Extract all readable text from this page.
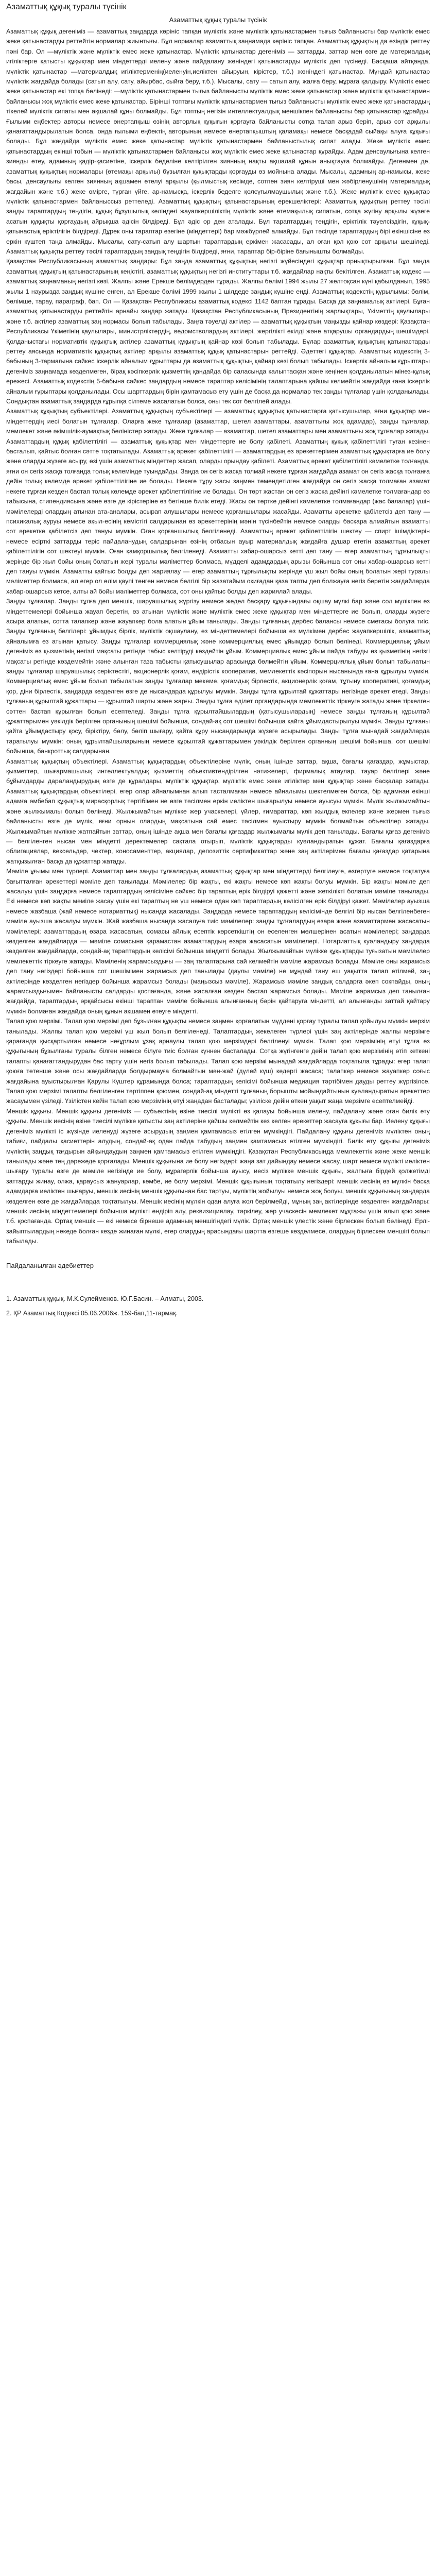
Азаматтық құқық туралы түсінік
Азаматтық құқық туралы түсінік

Азаматтық құқық дегеніміз — азаматтық заңдарда көрініс тапқан мүліктік және мүліктік қатынастармен тығыз байланысты бар мүліктік емес жеке қатынастарды реттейтін нормалар жиынтығы. Бұл нормалар азаматтық заңнамада көрініс тапқан. Азаматтық құқықтың да өзіндік реттеу пәні бар. Ол —мүліктік және мүліктік емес жеке қатынастар. Мүліктік қатынастар дегеніміз — заттарды, заттар мен өзге де материалдық игіліктерге қатысты құқықтар мен міндеттерді иелену және пайдалану жөніндегі қатынастарды мүліктік деп түсінеді. Басқаша айтқанда, мүліктік қатынастар —материалдық игіліктерменің(иеленуін,иеліктен айыруын, кірістер, т.б.) жөніндегі қатынастар. Мұндай қатынастар мүліктік жағдайда болады (сатып алу, сату, айырбас, сыйға беру, т.б.). Мысалы, сату — сатып алу, жалға беру, мұраға қалдыру. Мүліктік емес жеке қатынастар екі топқа бөлінеді: —мүліктік қатынастармен тығыз байланысты мүліктік емес жеке қатынастар және мүліктік қатынастармен байланысы жоқ мүліктік емес жеке қатынастар. Бірінші топтағы мүліктік қатынастармен тығыз байланысты мүліктік емес жеке қатынастардың тікелей мүліктік сипаты мен ақшалай құны болмайды. Бұл топтың негізін интеллектуалдық меншікпен байланысты бар қатынастар құрайды. Ғылыми еңбектер авторы немесе өнертапқыш өзінің авторлық құқығын қорғауға байланысты сотқа талап арыз беріп, арыз сот арқылы қанағаттандырылатын болса, онда ғылыми еңбектің авторының немесе өнертапқыштың қаламақы немесе басқадай сыйақы алуға құқығы болады. Бұл жағдайда мүліктік емес жеке қатынастар мүліктік қатынастармен байланыстылық сипат алады. Жеке мүліктік емес қатынастардың екінші тобын — мүліктік қатынастармен байланысы жоқ мүліктік емес жеке қатынастар құрайды. Адам денсаулығына келген зиянды өтеу, адамның қадір-қасиетіне, іскерлік беделіне келтірілген зиянның нақты ақшалай құнын анықтауға болмайды. Дегенмен де, азаматтық құқықтың нормалары (өтемақы арқылы) бұзылған құқықтарды қорғауды өз мойнына алады. Мысалы, адамның ар-намысы, жеке басы, денсаулығы келген зиянның ақшамен өтелуі арқылы (қылмыстық кесімде, сотпен зиян келтіруші мен жәбірленушінің материалдық жағдайын және т.б.) жеке өмірге, тұрған үйге, ар-намысқа, іскерлік беделге қолсұғылмаушылық және т.б.). Жеке мүліктік емес құқықтар мүліктік қатынастармен байланыссыз реттеледі. Азаматтық құқықтың қатынастарының ерекшеліктері: Азаматтық құқықтың реттеу тәсілі заңды тараптардың теңдігін, құқық бұзушылық келіндеғі жауапкершіліктің мүліктік және өтемақылық сипатын, сотқа жүгіну арқылы жүзеге асатын құқықты қорғаудың айрықша әдісін білдіреді. Бұл әдіс ор ден аталады. Бұл тараптардың теңдігін, еріктілік тәуелсіздігін, құқық-қатынастық еріктілігін білдіреді. Дұрек оны тараптар өзегіне (міндеттері) бар мәжбүрлей алмайды. Бұл тәсілде тараптардың бірі екіншісіне өз еркін күштеп таңа алмайды. Мысалы, сату-сатып алу шартын тараптардың еркімен жасасады, ал оған қол қою сот арқылы шешіледі. Азаматтық құқықты реттеу тәсілі тараптардың заңдық теңдігін білдіреді, яғни, тараптар бір-біріне бағынышты болмайды.

Қазақстан Республикасының азаматтық заңдары: Бұл заңда азаматтық құқықтың негізгі жүйесіндегі құқықтар орнықтырылған. Бұл заңда азаматтық құқықтың қатынастарының кеңістігі, азаматтық құқықтың негізгі институттары т.б. жағдайлар нақты бекітілген. Азаматтық кодекс — азаматтық заңнаманың негізгі көзі. Жалпы және Ерекше бөлімдерден тұрады. Жалпы бөлімі 1994 жылы 27 желтоқсан күні қабылданып, 1995 жылы 1 наурызда заңдық күшіне енген, ал Ерекше бөлімі 1999 жылы 1 шілдеде заңдық күшіне енді. Азаматтық кодекстің құрылымы: бөлім, бөлімше, тарау, параграф, бап. Ол — Қазақстан Республикасы азаматтық кодексі 1142 баптан тұрады. Басқа да заңнамалық актілері. Бұған азаматтық қатынастарды реттейтін арнайы заңдар жатады. Қазақстан Республикасының Президентінің жарлықтары, Үкіметтің қаулылары және т.б. актілер азаматтық заң нормасы болып табылады. Заңға тәуелді актілер — азаматтық құқықтың маңызды қайнар көздері: Қазақстан Республикасы Үкіметінің қаулылары, министрліктердің, ведомстволардың актілері, жергілікті өкілді және атқарушы органдардың шешімдері. Қолданыстағы нормативтік құқықтық актілер азаматтық құқықтың қайнар көзі болып табылады. Бұлар азаматтық құқықтың қатынастарды реттеу аясында нормативтік құқықтық актілер арқылы азаматтық құқық қатынастарын реттейді. Әдеттегі құқықтар. Азаматтық кодекстің 3-бабының 3-тармағына сәйкес іскерлік айналым ғұрыптары да азаматтық құқықтың қайнар көзі болып табылады. Іскерлік айналым ғұрыптары дегеніміз заңнамада көзделмеген, бірақ кәсіпкерлік қызметтің қандайда бір саласында қалыптасқан және кеңінен қолданылатын мінез-құлық ережесі. Азаматтық кодекстің 5-бабына сәйкес заңдардың немесе тараптар келісімінің талаптарына қайшы келмейтін жағдайда ғана іскерлік айналым ғұрыптары қолданылады. Осы шарттардың бірін қамтамасыз ету үшін де басқа да нормалар тек заңды тұлғалар үшін қолданылады. Сондықтан азаматтық заңдарда ғұрыпқа сілтеме жасалатын болса, оны тек сот белгілей алады.

Азаматтық құқықтың субъектілері. Азаматтық құқықтың субъектілері — азаматтық құқықтық қатынастарға қатысушылар, яғни құқықтар мен міндеттердің иесі болатын тұлғалар. Оларға жеке тұлғалар (азаматтар, шетел азаматтары, азаматтығы жоқ адамдар), заңды тұлғалар, мемлекет және әкімшілік-аумақтық бөліністер жатады. Жеке тұлғалар — азаматтар, шетел азаматтары мен азаматтығы жоқ тұлғалар жатады. Азаматтардың құқық қабілеттілігі — азаматтық құқықтар мен міндеттерге ие болу қабілеті. Азаматтың құқық қабілеттілігі туған кезінен басталып, қайтыс болған сәтте тоқтатылады. Азаматтық әрекет қабілеттілігі — азаматтардың өз әрекеттерімен азаматтық құқықтарға ие болу және оларды жүзеге асыру, өзі үшін азаматтық міндеттер жасап, оларды орындау қабілеті. Азаматтық әрекет қабілеттілігі кәмелетке толғанда, яғни он сегіз жасқа толғанда толық көлемінде туындайды. Заңда он сегіз жасқа толмай некеге тұрған жағдайда азамат он сегіз жасқа толғанға дейін толық көлемде әрекет қабілеттілігіне ие болады. Некеге тұру жасы заңмен төмендетілген жағдайда он сегіз жасқа толмаған азамат некеге тұрған кезден бастап толық көлемде әрекет қабілеттілігіне ие болады. Он төрт жастан он сегіз жасқа дейінгі кәмелетке толмағандар өз табысына, стипендиясына және өзге де кірістеріне өз бетінше билік етеді. Жасы он төртке дейінгі кәмелетке толмағандар (жас балалар) үшін мәмілелерді олардың атынан ата-аналары, асырап алушылары немесе қорғаншылары жасайды. Азаматты әрекетке қабілетсіз деп тану — психикалық ауруы немесе ақыл-есінің кемістігі салдарынан өз әрекеттерінің мәнін түсінбейтін немесе оларды басқара алмайтын азаматты сот әрекетке қабілетсіз деп тануы мүмкін. Оған қорғаншылық белгіленеді. Азаматтың әрекет қабілеттілігін шектеу — спирт ішімдіктерін немесе есірткі заттарды теріс пайдаланудың салдарынан өзінің отбасын ауыр материалдық жағдайға душар ететін азаматтың әрекет қабілеттілігін сот шектеуі мүмкін. Оған қамқоршылық белгіленеді. Азаматты хабар-ошарсыз кетті деп тану — егер азаматтың тұрғылықты жерінде бір жыл бойы оның болатын жері туралы мәліметтер болмаса, мүдделі адамдардың арызы бойынша сот оны хабар-ошарсыз кетті деп тануы мүмкін. Азаматты қайтыс болды деп жариялау — егер азаматтың тұрғылықты жерінде үш жыл бойы оның болатын жері туралы мәліметтер болмаса, ал егер ол өлім қаупі төнген немесе белгілі бір жазатайым оқиғадан қаза тапты деп болжауға негіз беретін жағдайларда хабар-ошарсыз кетсе, алты ай бойы мәліметтер болмаса, сот оны қайтыс болды деп жариялай алады.

Заңды тұлғалар. Заңды тұлға деп меншік, шаруашылық жүргізу немесе жедел басқару құқығындағы оқшау мүлкі бар және сол мүлікпен өз міндеттемелері бойынша жауап беретін, өз атынан мүліктік және мүліктік емес жеке құқықтар мен міндеттерге ие болып, оларды жүзеге асыра алатын, сотта талапкер және жауапкер бола алатын ұйым танылады. Заңды тұлғаның дербес балансы немесе сметасы болуға тиіс. Заңды тұлғаның белгілері: ұйымдық бірлік, мүліктік оқшаулану, өз міндеттемелері бойынша өз мүлкімен дербес жауапкершілік, азаматтық айналымға өз атынан қатысу. Заңды тұлғалар коммерциялық және коммерциялық емес ұйымдар болып бөлінеді. Коммерциялық ұйым дегеніміз өз қызметінің негізгі мақсаты ретінде табыс келтіруді көздейтін ұйым. Коммерциялық емес ұйым пайда табуды өз қызметінің негізгі мақсаты ретінде көздемейтін және алынған таза табысты қатысушылар арасында бөлмейтін ұйым. Коммерциялық ұйым болып табылатын заңды тұлғалар шаруашылық серіктестігі, акционерлік қоғам, өндірістік кооператив, мемлекеттік кәсіпорын нысанында ғана құрылуы мүмкін. Коммерциялық емес ұйым болып табылатын заңды тұлғалар мекеме, қоғамдық бірлестік, акционерлік қоғам, тұтыну кооперативі, қоғамдық қор, діни бірлестік, заңдарда көзделген өзге де нысандарда құрылуы мүмкін. Заңды тұлға құрылтай құжаттары негізінде әрекет етеді. Заңды тұлғаның құрылтай құжаттары — құрылтай шарты және жарғы. Заңды тұлға әділет органдарында мемлекеттік тіркеуге жатады және тіркелген сәттен бастап құрылған болып есептеледі. Заңды тұлға құрылтайшылардың (қатысушылардың) немесе заңды тұлғаның құрылтай құжаттарымен уәкілдік берілген органының шешімі бойынша, сондай-ақ сот шешімі бойынша қайта ұйымдастырылуы мүмкін. Заңды тұлғаны қайта ұйымдастыру қосу, біріктіру, бөлу, бөліп шығару, қайта құру нысандарында жүзеге асырылады. Заңды тұлға мынадай жағдайларда таратылуы мүмкін: оның құрылтайшыларының немесе құрылтай құжаттарымен уәкілдік берілген органның шешімі бойынша, сот шешімі бойынша, банкроттық салдарынан.

Азаматтық құқықтың объектілері. Азаматтық құқықтардың объектілеріне мүлік, оның ішінде заттар, ақша, бағалы қағаздар, жұмыстар, қызметтер, шығармашылық интеллектуалдық қызметтің обьективтендірілген нәтижелері, фирмалық атаулар, тауар белгілері және бұйымдарды дараландырудың өзге де құралдары, мүліктік құқықтар, мүліктік емес жеке игіліктер мен құқықтар және басқалар жатады. Азаматтық құқықтардың объектілері, егер олар айналымнан алып тасталмаған немесе айналымы шектелмеген болса, бір адамнан екінші адамға әмбебап құқықтық мирасқорлық тәртібімен не өзге тәсілмен еркін иеліктен шығарылуы немесе ауысуы мүмкін. Мүлік жылжымайтын және жылжымалы болып бөлінеді. Жылжымайтын мүлікке жер учаскелері, үйлер, ғимараттар, көп жылдық екпелер және жермен тығыз байланысты өзге де мүлік, яғни орнын олардың мақсатына сай емес тәсілмен ауыстыру мүмкін болмайтын объектілер жатады. Жылжымайтын мүлікке жатпайтын заттар, оның ішінде ақша мен бағалы қағаздар жылжымалы мүлік деп танылады. Бағалы қағаз дегеніміз — белгіленген нысан мен міндетті деректемелер сақтала отырып, мүліктік құқықтарды куәландыратын құжат. Бағалы қағаздарға облигациялар, вексельдер, чектер, коносаменттер, акциялар, депозиттік сертификаттар және заң актілерімен бағалы қағаздар қатарына жатқызылған басқа да құжаттар жатады.

Мәміле ұғымы мен түрлері. Азаматтар мен заңды тұлғалардың азаматтық құқықтар мен міндеттерді белгілеуге, өзгертуге немесе тоқтатуға бағытталған әрекеттері мәміле деп танылады. Мәмілелер бір жақты, екі жақты немесе көп жақты болуы мүмкін. Бір жақты мәміле деп жасалуы үшін заңдарға немесе тараптардың келісіміне сәйкес бір тараптың ерік білдіруі қажетті және жеткілікті болатын мәміле танылады. Екі немесе көп жақты мәміле жасау үшін екі тараптың не үш немесе одан көп тараптардың келісілген ерік білдіруі қажет. Мәмілелер ауызша немесе жазбаша (жай немесе нотариаттық) нысанда жасалады. Заңдарда немесе тараптардың келісімінде белгілі бір нысан белгіленбеген мәміле ауызша жасалуы мүмкін. Жай жазбаша нысанда жасалуға тиіс мәмілелер: заңды тұлғалардың өзара және азаматтармен жасасатын мәмілелері; азаматтардың өзара жасасатын, сомасы айлық есептік көрсеткіштің он еселенген мөлшерінен асатын мәмілелері; заңдарда көзделген жағдайларда — мәміле сомасына қарамастан азаматтардың өзара жасасатын мәмілелері. Нотариаттық куәландыру заңдарда көзделген жағдайларда, сондай-ақ тараптардың келісімі бойынша міндетті болады. Жылжымайтын мүлікке құқықтарды туғызатын мәмілелер мемлекеттік тіркеуге жатады. Мәміленің жарамсыздығы — заң талаптарына сай келмейтін мәміле жарамсыз болады. Мәміле оны жарамсыз деп тану негіздері бойынша сот шешімімен жарамсыз деп танылады (даулы мәміле) не мұндай тану еш уақытта талап етілмей, заң актілерінде көзделген негіздер бойынша жарамсыз болады (маңызсыз мәміле). Жарамсыз мәміле заңдық салдарға әкеп соқпайды, оның жарамсыздығымен байланысты салдарды қоспағанда, және жасалған кезден бастап жарамсыз болады. Мәміле жарамсыз деп танылған жағдайда, тараптардың әрқайсысы екінші тараптан мәміле бойынша алынғанның бәрін қайтаруға міндетті, ал алынғанды заттай қайтару мүмкін болмаған жағдайда оның құнын ақшамен өтеуге міндетті.

Талап қою мерзімі. Талап қою мерзімі деп бұзылған құқықты немесе заңмен қорғалатын мүддені қорғау туралы талап қойылуы мүмкін мерзім танылады. Жалпы талап қою мерзімі үш жыл болып белгіленеді. Талаптардың жекелеген түрлері үшін заң актілерінде жалпы мерзімге қарағанда қысқартылған немесе неғұрлым ұзақ арнаулы талап қою мерзімдері белгіленуі мүмкін. Талап қою мерзімінің өтуі тұлға өз құқығының бұзылғаны туралы білген немесе білуге тиіс болған күннен басталады. Сотқа жүгінгенге дейін талап қою мерзімінің өтіп кеткені талапты қанағаттандырудан бас тарту үшін негіз болып табылады. Талап қою мерзімі мынадай жағдайларда тоқтатыла тұрады: егер талап қоюға төтенше және осы жағдайларда болдырмауға болмайтын мән-жай (дүлей күш) кедергі жасаса; талапкер немесе жауапкер соғыс жағдайына ауыстырылған Қарулы Күштер құрамында болса; тараптардың келісімі бойынша медиация тәртібімен дауды реттеу жүргізілсе. Талап қою мерзімі талапты белгіленген тәртіппен қоюмен, сондай-ақ міндетті тұлғаның борышты мойындайтынын куәландыратын әрекеттер жасауымен үзіледі. Үзілістен кейін талап қою мерзімінің өтуі жаңадан басталады; үзіліске дейін өткен уақыт жаңа мерзімге есептелмейді.

Меншік құқығы. Меншік құқығы дегеніміз — субъектінің өзіне тиесілі мүлікті өз қалауы бойынша иелену, пайдалану және оған билік ету құқығы. Меншік иесінің өзіне тиесілі мүлікке қатысты заң актілеріне қайшы келмейтін кез келген әрекеттер жасауға құқығы бар. Иелену құқығы дегеніміз мүлікті іс жүзінде иеленуді жүзеге асырудың заңмен қамтамасыз етілген мүмкіндігі. Пайдалану құқығы дегеніміз мүліктен оның табиғи, пайдалы қасиеттерін алудың, сондай-ақ одан пайда табудың заңмен қамтамасыз етілген мүмкіндігі. Билік ету құқығы дегеніміз мүліктің заңдық тағдырын айқындаудың заңмен қамтамасыз етілген мүмкіндігі. Қазақстан Республикасында мемлекеттік және жеке меншік танылады және тең дәрежеде қорғалады. Меншік құқығына ие болу негіздері: жаңа зат дайындау немесе жасау, шарт немесе мүлікті иеліктен шығару туралы өзге де мәміле негізінде ие болу, мұрагерлік бойынша ауысу, иесіз мүлікке меншік құқығы, жалпыға бірдей қолжетімді заттарды жинау, олжа, қараусыз жануарлар, көмбе, ие болу мерзімі. Меншік құқығының тоқтатылу негіздері: меншік иесінің өз мүлкін басқа адамдарға иеліктен шығаруы, меншік иесінің меншік құқығынан бас тартуы, мүліктің жойылуы немесе жоқ болуы, меншік құқығының заңдарда көзделген өзге де жағдайларда тоқтатылуы. Меншік иесінің мүлкін одан алуға жол берілмейді, мұның заң актілерінде көзделген жағдайлары: меншік иесінің міндеттемелері бойынша мүлікті өндіріп алу, реквизициялау, тәркілеу, жер учаскесін мемлекет мұқтажы үшін алып қою және т.б. қоспағанда. Ортақ меншік — екі немесе бірнеше адамның меншігіндегі мүлік. Ортақ меншік үлестік және бірлескен болып бөлінеді. Ерлі-зайыптылардың некеде болған кезде жинаған мүлкі, егер олардың арасындағы шартта өзгеше көзделмесе, олардың бірлескен меншігі болып табылады.

Пайдаланылған әдебиеттер
1. Азаматтық құқық. М.К.Сулейменов. Ю.Г.Басин. – Алматы, 2003.
2. ҚР Азаматтық Кодексі 05.06.2006ж. 159-бап,11-тармақ.
